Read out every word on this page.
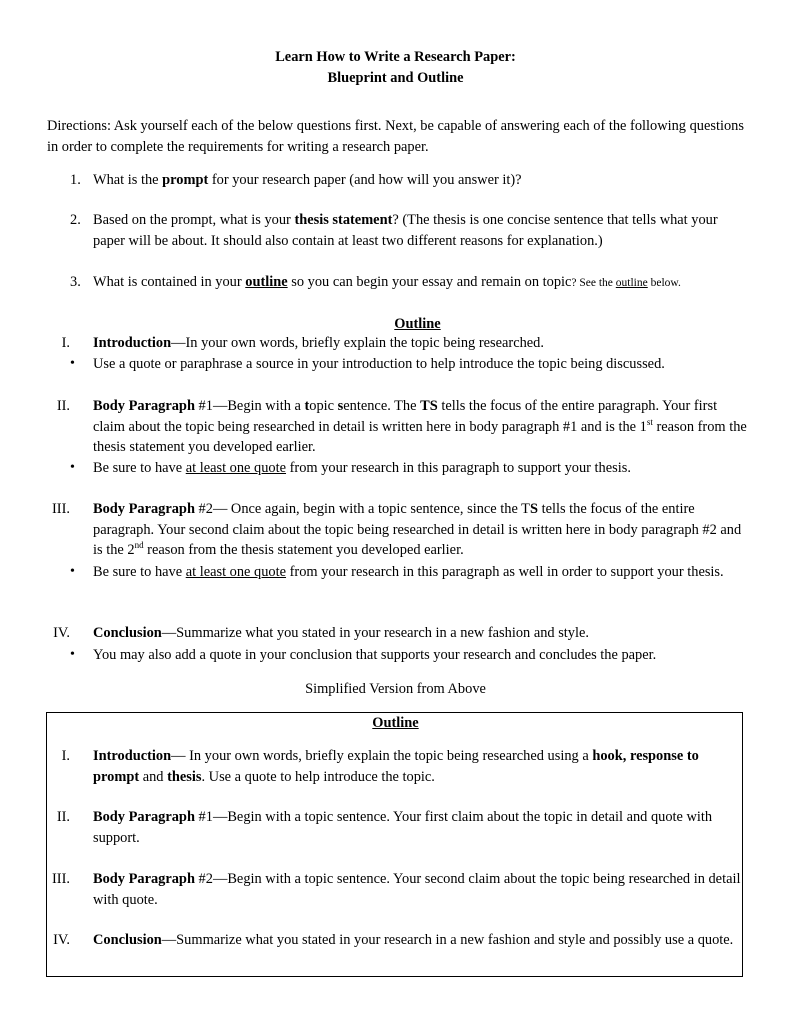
Learn How to Write a Research Paper:
Blueprint and Outline
Directions: Ask yourself each of the below questions first. Next, be capable of answering each of the following questions in order to complete the requirements for writing a research paper.
1. What is the prompt for your research paper (and how will you answer it)?
2. Based on the prompt, what is your thesis statement? (The thesis is one concise sentence that tells what your paper will be about. It should also contain at least two different reasons for explanation.)
3. What is contained in your outline so you can begin your essay and remain on topic? See the outline below.
Outline
I. Introduction—In your own words, briefly explain the topic being researched.
• Use a quote or paraphrase a source in your introduction to help introduce the topic being discussed.
II. Body Paragraph #1—Begin with a topic sentence. The TS tells the focus of the entire paragraph. Your first claim about the topic being researched in detail is written here in body paragraph #1 and is the 1st reason from the thesis statement you developed earlier.
• Be sure to have at least one quote from your research in this paragraph to support your thesis.
III. Body Paragraph #2— Once again, begin with a topic sentence, since the TS tells the focus of the entire paragraph. Your second claim about the topic being researched in detail is written here in body paragraph #2 and is the 2nd reason from the thesis statement you developed earlier.
• Be sure to have at least one quote from your research in this paragraph as well in order to support your thesis.
IV. Conclusion—Summarize what you stated in your research in a new fashion and style.
• You may also add a quote in your conclusion that supports your research and concludes the paper.
Simplified Version from Above
Outline
I. Introduction— In your own words, briefly explain the topic being researched using a hook, response to prompt and thesis. Use a quote to help introduce the topic.
II. Body Paragraph #1—Begin with a topic sentence. Your first claim about the topic in detail and quote with support.
III. Body Paragraph #2—Begin with a topic sentence. Your second claim about the topic being researched in detail with quote.
IV. Conclusion—Summarize what you stated in your research in a new fashion and style and possibly use a quote.
